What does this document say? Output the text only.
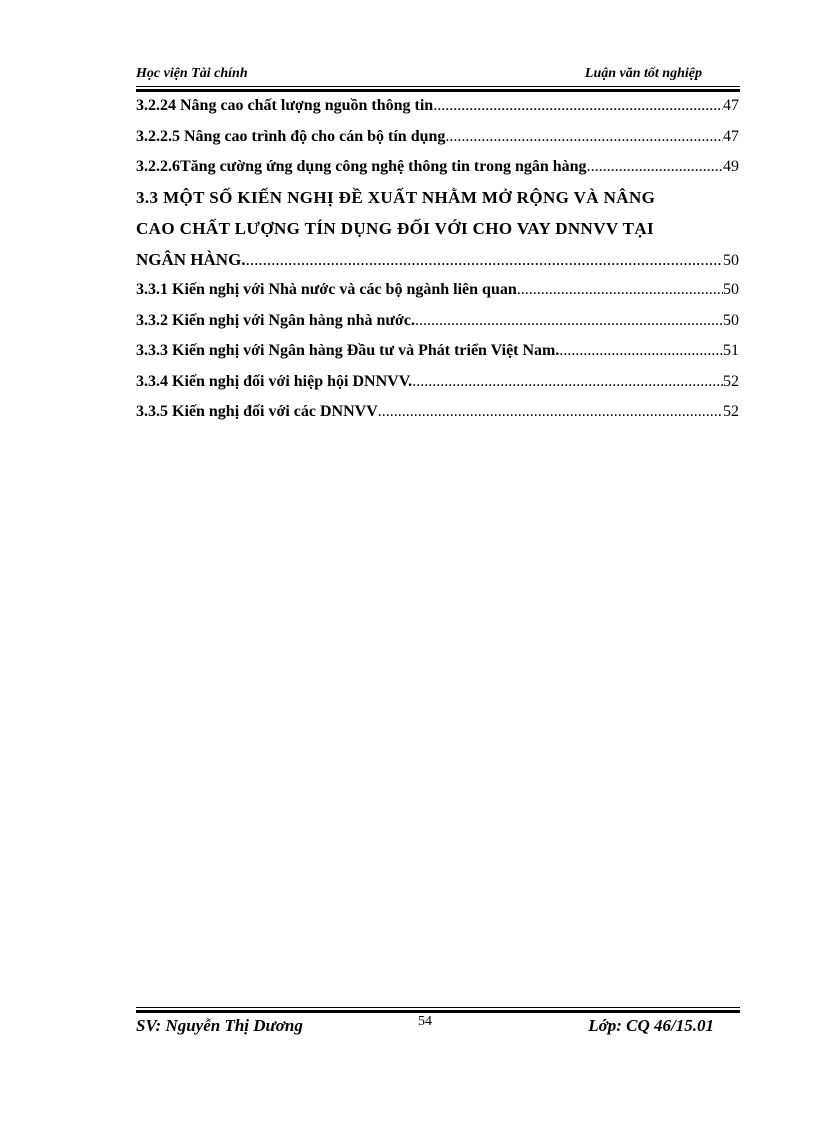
Học viện Tài chính	Luận văn tốt nghiệp
3.2.24 Nâng cao chất lượng nguồn thông tin .....	47
3.2.2.5 Nâng cao trình độ cho cán bộ tín dụng .....	47
3.2.2.6Tăng cường ứng dụng công nghệ thông tin trong ngân hàng .....	49
3.3 MỘT SỐ KIẾN NGHỊ ĐỀ XUẤT NHẰM MỞ RỘNG VÀ NÂNG
CAO CHẤT LƯỢNG TÍN DỤNG ĐỐI VỚI CHO VAY DNNVV TẠI
NGÂN HÀNG. .....	50
3.3.1 Kiến nghị với Nhà nước và các bộ ngành liên quan .....	50
3.3.2 Kiến nghị với Ngân hàng nhà nước. .....	50
3.3.3 Kiến nghị với Ngân hàng Đầu tư và Phát triển Việt Nam. .....	51
3.3.4 Kiến nghị đối với hiệp hội DNNVV. .....	52
3.3.5 Kiến nghị đối với các DNNVV .....	52
SV: Nguyễn Thị Dương	54	Lớp: CQ 46/15.01
